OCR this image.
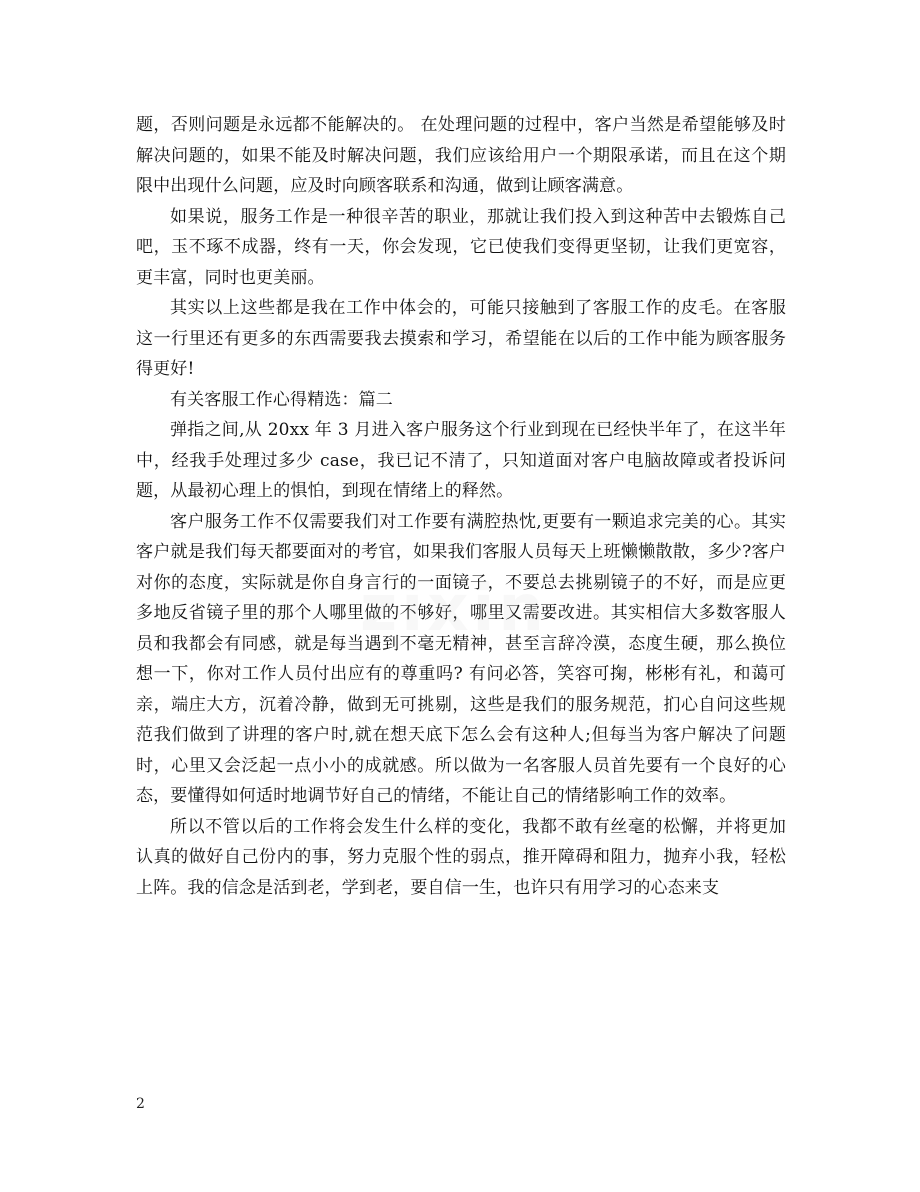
题，否则问题是永远都不能解决的。 在处理问题的过程中，客户当然是希望能够及时解决问题的，如果不能及时解决问题，我们应该给用户一个期限承诺，而且在这个期限中出现什么问题，应及时向顾客联系和沟通，做到让顾客满意。

如果说，服务工作是一种很辛苦的职业，那就让我们投入到这种苦中去锻炼自己吧，玉不琢不成器，终有一天，你会发现，它已使我们变得更坚韧，让我们更宽容，更丰富，同时也更美丽。

其实以上这些都是我在工作中体会的，可能只接触到了客服工作的皮毛。在客服这一行里还有更多的东西需要我去摸索和学习，希望能在以后的工作中能为顾客服务得更好!

有关客服工作心得精选：篇二

弹指之间,从 20xx 年 3 月进入客户服务这个行业到现在已经快半年了，在这半年中，经我手处理过多少 case，我已记不清了，只知道面对客户电脑故障或者投诉问题，从最初心理上的惧怕，到现在情绪上的释然。

客户服务工作不仅需要我们对工作要有满腔热忱,更要有一颗追求完美的心。其实客户就是我们每天都要面对的考官，如果我们客服人员每天上班懒懒散散，多少?客户对你的态度，实际就是你自身言行的一面镜子，不要总去挑剔镜子的不好，而是应更多地反省镜子里的那个人哪里做的不够好，哪里又需要改进。其实相信大多数客服人员和我都会有同感，就是每当遇到不毫无精神，甚至言辞冷漠，态度生硬，那么换位想一下，你对工作人员付出应有的尊重吗? 有问必答，笑容可掬，彬彬有礼，和蔼可亲，端庄大方，沉着冷静，做到无可挑剔，这些是我们的服务规范，扪心自问这些规范我们做到了讲理的客户时,就在想天底下怎么会有这种人;但每当为客户解决了问题时，心里又会泛起一点小小的成就感。所以做为一名客服人员首先要有一个良好的心态，要懂得如何适时地调节好自己的情绪，不能让自己的情绪影响工作的效率。

所以不管以后的工作将会发生什么样的变化，我都不敢有丝毫的松懈，并将更加认真的做好自己份内的事，努力克服个性的弱点，推开障碍和阻力，抛弃小我，轻松上阵。我的信念是活到老，学到老，要自信一生，也许只有用学习的心态来支

zixin
2
